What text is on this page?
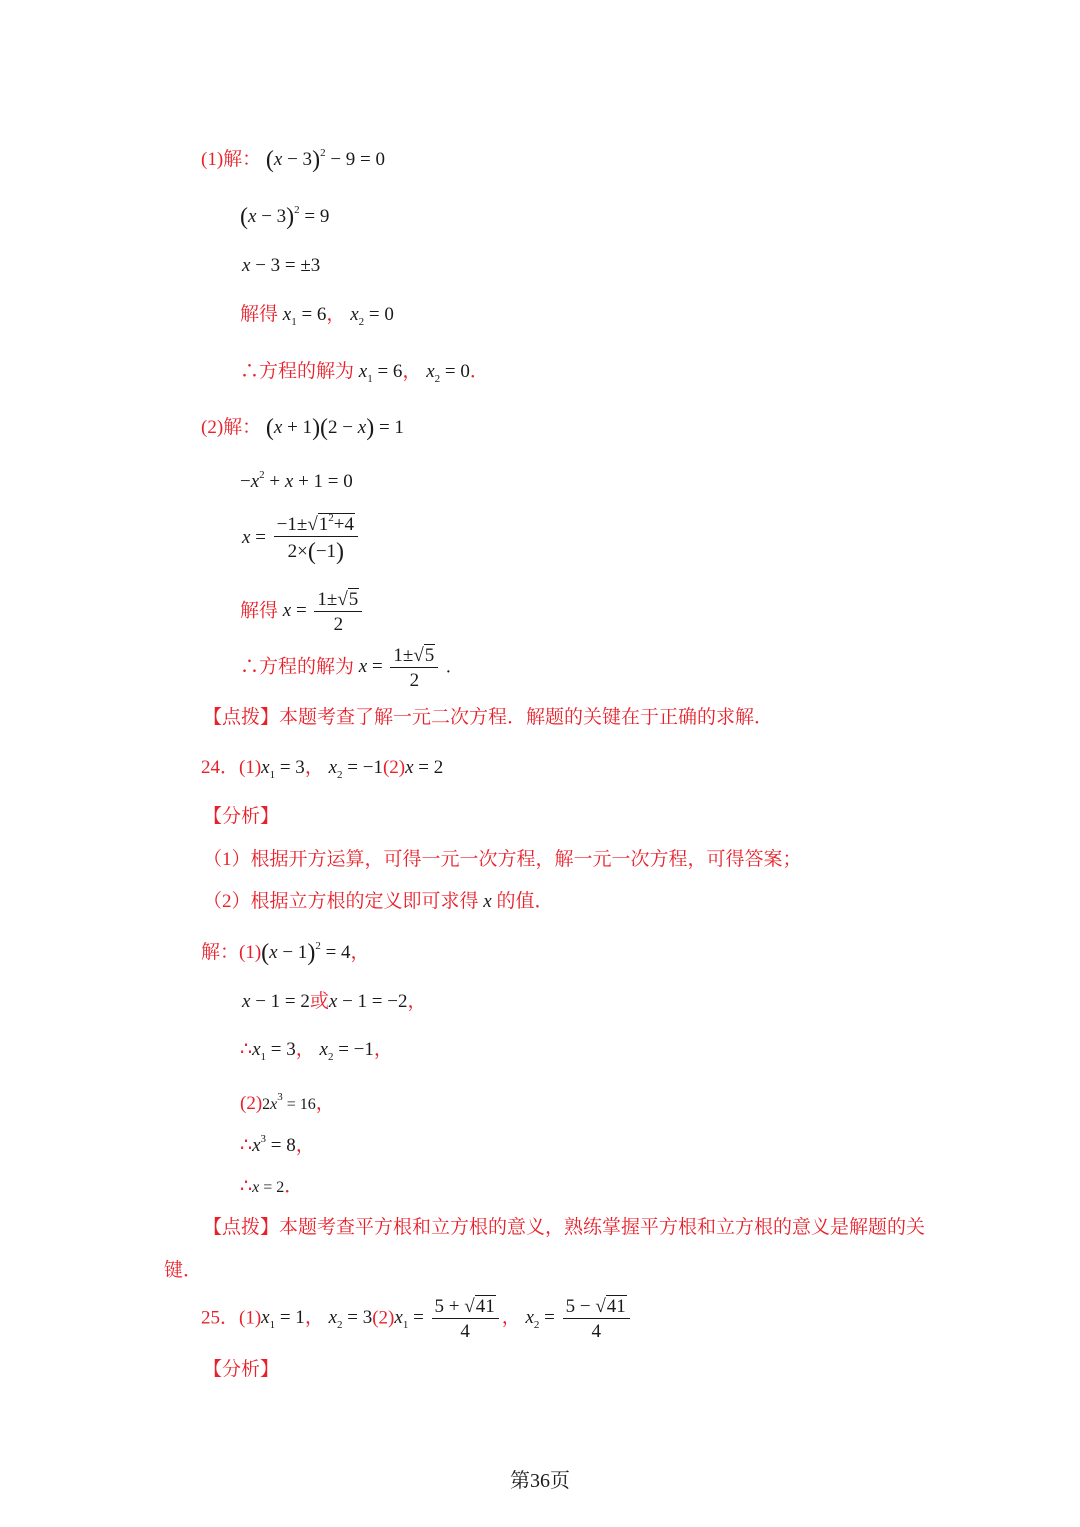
(1)解： $(x - 3)^2 - 9 = 0$
$(x - 3)^2 = 9$
x − 3 = ±3
解得 $x_1 = 6$， $x_2 = 0$
∴方程的解为 $x_1 = 6$， $x_2 = 0$．
(2)解： (x + 1)(2 − x) = 1
$-x^2 + x + 1 = 0$
$x = \frac{-1\pm√1^2+4}{2\times(-1)}$
解得 $x = \frac{1\pm√5}{2}$
∴方程的解为 $x = \frac{1\pm√5}{2}$ .
【点拨】本题考查了解一元二次方程．解题的关键在于正确的求解．
24．$(1)x_1 = 3$， $x_2 = -1(2)x = 2$
【分析】
（1）根据开方运算，可得一元一次方程，解一元一次方程，可得答案；
（2）根据立方根的定义即可求得 x 的值．
解：$(1)(x - 1)^2 = 4$，
x − 1 = 2或x − 1 = −2，
$\therefore x_1 = 3$， $x_2 = -1$，
$(2)2x^3 = 16$，
$\therefore x^3 = 8$，
∴x = 2．
【点拨】本题考查平方根和立方根的意义，熟练掌握平方根和立方根的意义是解题的关
键．
25．$(1)x_1 = 1$， $x_2 = 3(2)x_1 = \frac{5 + √41}{4}$ ， $x_2 = \frac{5 - √41}{4}$
【分析】
第36页
